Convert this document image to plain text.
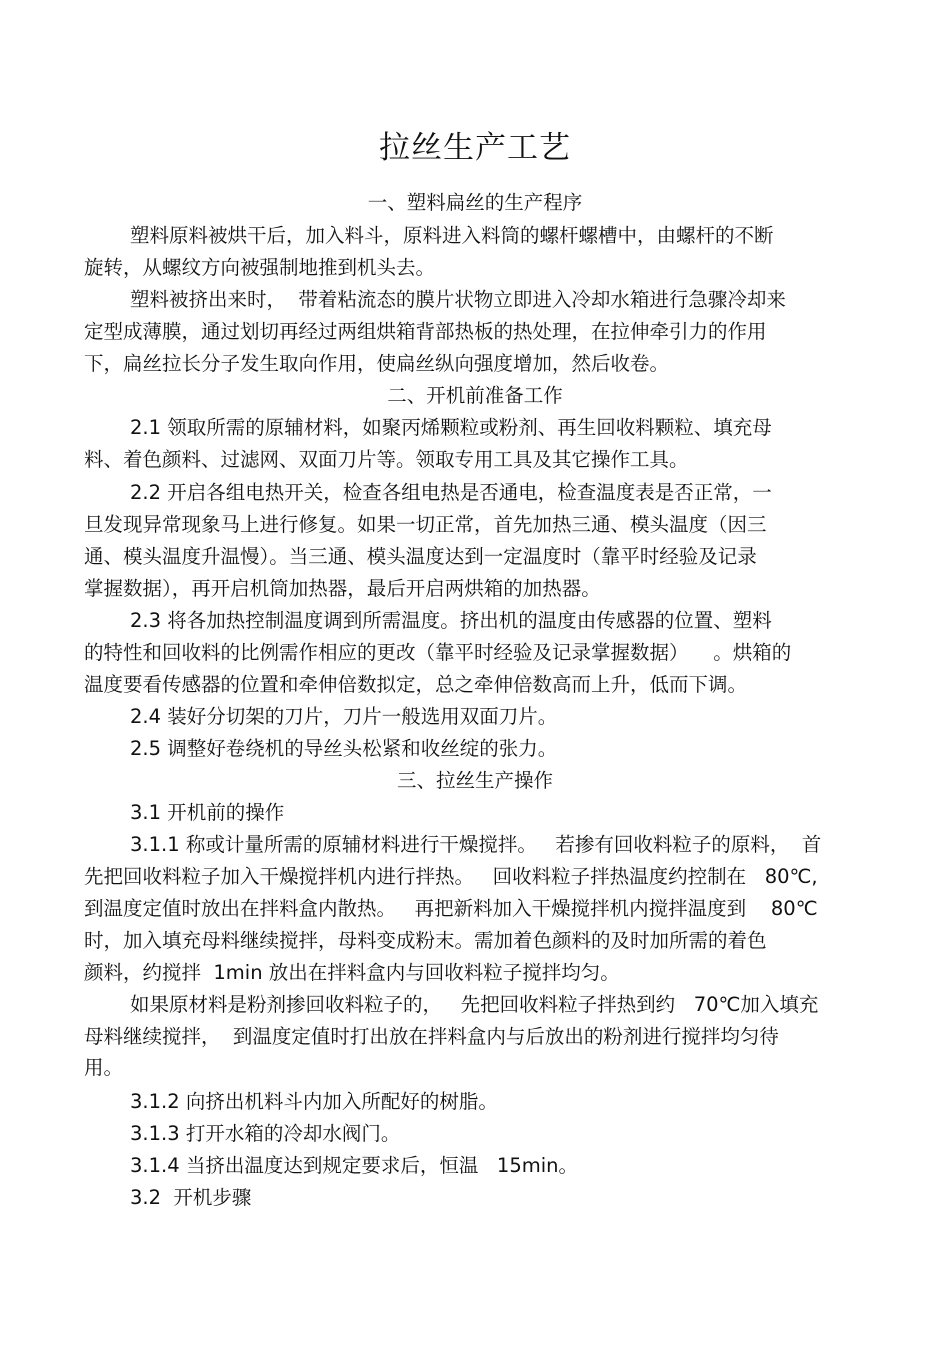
拉丝生产工艺
一、塑料扁丝的生产程序
塑料原料被烘干后，加入料斗，原料进入料筒的螺杆螺槽中，由螺杆的不断
旋转，从螺纹方向被强制地推到机头去。
塑料被挤出来时，  带着粘流态的膜片状物立即进入冷却水箱进行急骤冷却来
定型成薄膜，通过划切再经过两组烘箱背部热板的热处理，在拉伸牵引力的作用
下，扁丝拉长分子发生取向作用，使扁丝纵向强度增加，然后收卷。
二、开机前准备工作
2.1 领取所需的原辅材料，如聚丙烯颗粒或粉剂、再生回收料颗粒、填充母
料、着色颜料、过滤网、双面刀片等。领取专用工具及其它操作工具。
2.2 开启各组电热开关，检查各组电热是否通电，检查温度表是否正常，一
旦发现异常现象马上进行修复。如果一切正常，首先加热三通、模头温度（因三
通、模头温度升温慢）。当三通、模头温度达到一定温度时（靠平时经验及记录
掌握数据），再开启机筒加热器，最后开启两烘箱的加热器。
2.3 将各加热控制温度调到所需温度。挤出机的温度由传感器的位置、塑料
的特性和回收料的比例需作相应的更改（靠平时经验及记录掌握数据）    。烘箱的
温度要看传感器的位置和牵伸倍数拟定，总之牵伸倍数高而上升，低而下调。
2.4 装好分切架的刀片，刀片一般选用双面刀片。
2.5 调整好卷绕机的导丝头松紧和收丝绽的张力。
三、拉丝生产操作
3.1 开机前的操作
3.1.1 称或计量所需的原辅材料进行干燥搅拌。   若掺有回收料粒子的原料，  首
先把回收料粒子加入干燥搅拌机内进行拌热。   回收料粒子拌热温度约控制在   80℃,
到温度定值时放出在拌料盒内散热。   再把新料加入干燥搅拌机内搅拌温度到    80℃
时，加入填充母料继续搅拌，母料变成粉末。需加着色颜料的及时加所需的着色
颜料，约搅拌  1min 放出在拌料盒内与回收料粒子搅拌均匀。
如果原材料是粉剂掺回收料粒子的，   先把回收料粒子拌热到约   70℃加入填充
母料继续搅拌，  到温度定值时打出放在拌料盒内与后放出的粉剂进行搅拌均匀待
用。
3.1.2 向挤出机料斗内加入所配好的树脂。
3.1.3 打开水箱的冷却水阀门。
3.1.4 当挤出温度达到规定要求后，恒温   15min。
3.2  开机步骤
